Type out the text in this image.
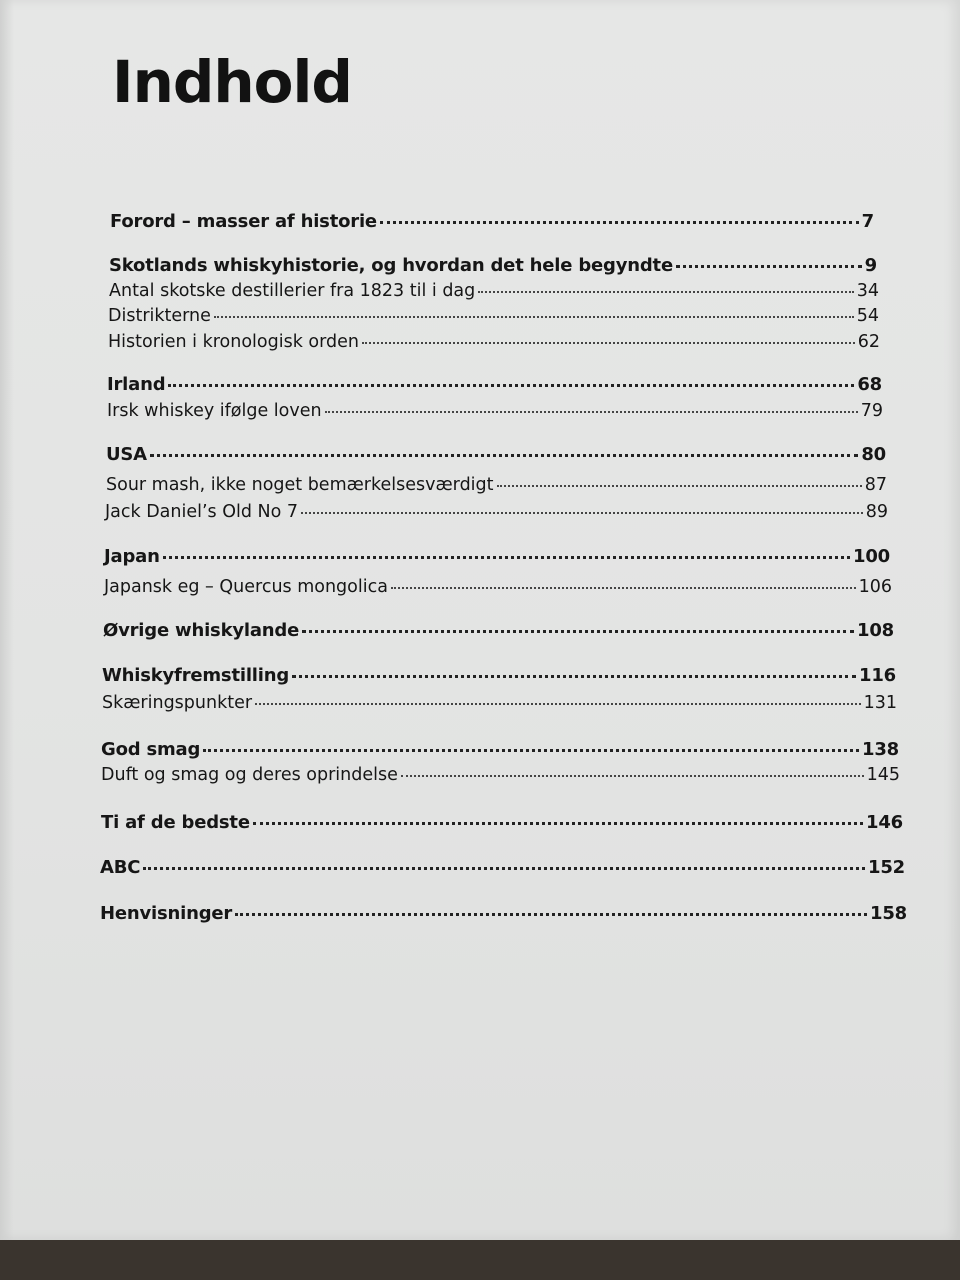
Indhold
Forord – masser af historie	7
Skotlands whiskyhistorie, og hvordan det hele begyndte	9
Antal skotske destillerier fra 1823 til i dag	34
Distrikterne	54
Historien i kronologisk orden	62
Irland	68
Irsk whiskey ifølge loven	79
USA	80
Sour mash, ikke noget bemærkelsesværdigt	87
Jack Daniel’s Old No 7	89
Japan	100
Japansk eg – Quercus mongolica	106
Øvrige whiskylande	108
Whiskyfremstilling	116
Skæringspunkter	131
God smag	138
Duft og smag og deres oprindelse	145
Ti af de bedste	146
ABC	152
Henvisninger	158
